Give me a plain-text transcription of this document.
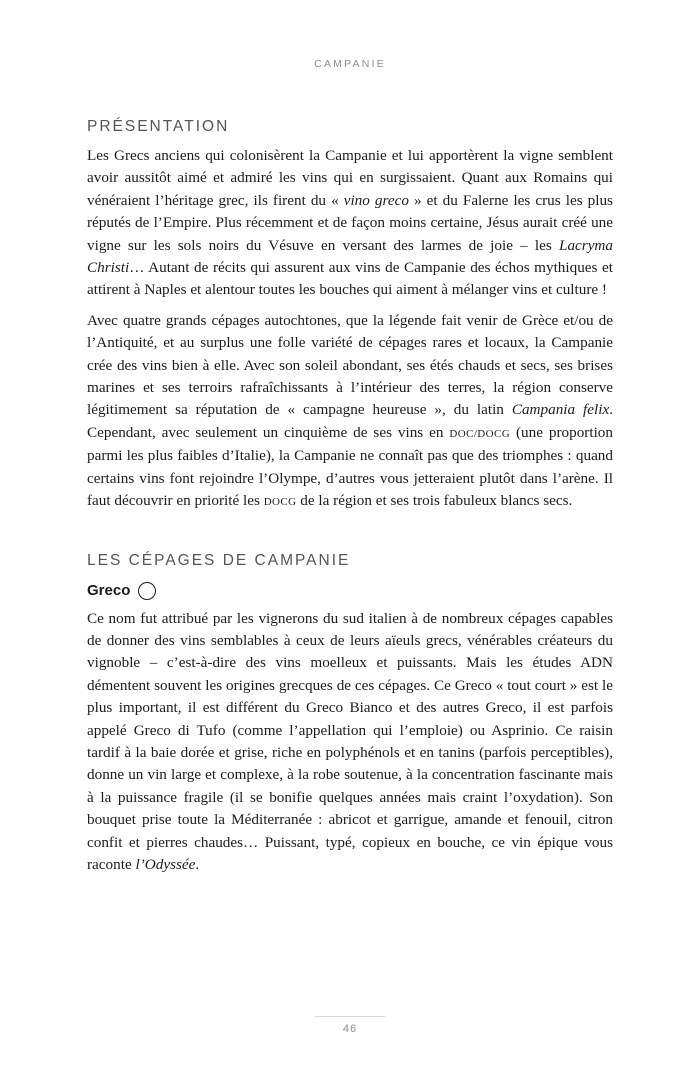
CAMPANIE
PRÉSENTATION

Les Grecs anciens qui colonisèrent la Campanie et lui apportèrent la vigne semblent avoir aussitôt aimé et admiré les vins qui en surgissaient. Quant aux Romains qui vénéraient l’héritage grec, ils firent du « vino greco » et du Falerne les crus les plus réputés de l’Empire. Plus récemment et de façon moins certaine, Jésus aurait créé une vigne sur les sols noirs du Vésuve en versant des larmes de joie – les Lacryma Christi… Autant de récits qui assurent aux vins de Campanie des échos mythiques et attirent à Naples et alentour toutes les bouches qui aiment à mélanger vins et culture !

Avec quatre grands cépages autochtones, que la légende fait venir de Grèce et/ou de l’Antiquité, et au surplus une folle variété de cépages rares et locaux, la Campanie crée des vins bien à elle. Avec son soleil abondant, ses étés chauds et secs, ses brises marines et ses terroirs rafraîchissants à l’intérieur des terres, la région conserve légitimement sa réputation de « campagne heureuse », du latin Campania felix. Cependant, avec seulement un cinquième de ses vins en DOC/DOCG (une proportion parmi les plus faibles d’Italie), la Campanie ne connaît pas que des triomphes : quand certains vins font rejoindre l’Olympe, d’autres vous jetteraient plutôt dans l’arène. Il faut découvrir en priorité les DOCG de la région et ses trois fabuleux blancs secs.

LES CÉPAGES DE CAMPANIE
Greco

Ce nom fut attribué par les vignerons du sud italien à de nombreux cépages capables de donner des vins semblables à ceux de leurs aïeuls grecs, vénérables créateurs du vignoble – c’est-à-dire des vins moelleux et puissants. Mais les études ADN démentent souvent les origines grecques de ces cépages. Ce Greco « tout court » est le plus important, il est différent du Greco Bianco et des autres Greco, il est parfois appelé Greco di Tufo (comme l’appellation qui l’emploie) ou Asprinio. Ce raisin tardif à la baie dorée et grise, riche en polyphénols et en tanins (parfois perceptibles), donne un vin large et complexe, à la robe soutenue, à la concentration fascinante mais à la puissance fragile (il se bonifie quelques années mais craint l’oxydation). Son bouquet prise toute la Méditerranée : abricot et garrigue, amande et fenouil, citron confit et pierres chaudes… Puissant, typé, copieux en bouche, ce vin épique vous raconte l’Odyssée.

46
